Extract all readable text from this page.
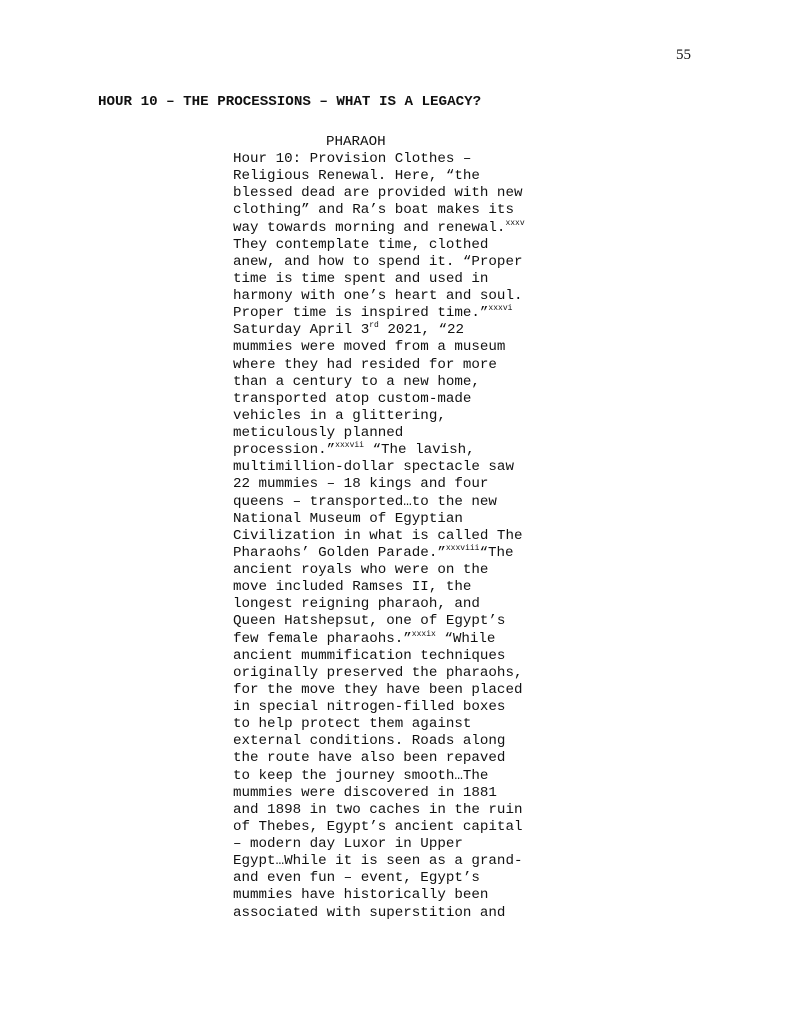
55
HOUR 10 – THE PROCESSIONS – WHAT IS A LEGACY?
PHARAOH
Hour 10: Provision Clothes –
Religious Renewal. Here, “the
blessed dead are provided with new
clothing” and Ra’s boat makes its
way towards morning and renewal.$^{xxxv}$
They contemplate time, clothed
anew, and how to spend it. “Proper
time is time spent and used in
harmony with one’s heart and soul.
Proper time is inspired time.”$^{xxxvi}$
Saturday April 3rd 2021, “22
mummies were moved from a museum
where they had resided for more
than a century to a new home,
transported atop custom-made
vehicles in a glittering,
meticulously planned
procession.”$^{xxxvii}$ “The lavish,
multimillion-dollar spectacle saw
22 mummies – 18 kings and four
queens – transported…to the new
National Museum of Egyptian
Civilization in what is called The
Pharaohs’ Golden Parade.”$^{xxxviii}$“The
ancient royals who were on the
move included Ramses II, the
longest reigning pharaoh, and
Queen Hatshepsut, one of Egypt’s
few female pharaohs.”$^{xxxix}$ “While
ancient mummification techniques
originally preserved the pharaohs,
for the move they have been placed
in special nitrogen-filled boxes
to help protect them against
external conditions. Roads along
the route have also been repaved
to keep the journey smooth…The
mummies were discovered in 1881
and 1898 in two caches in the ruin
of Thebes, Egypt’s ancient capital
– modern day Luxor in Upper
Egypt…While it is seen as a grand-
and even fun – event, Egypt’s
mummies have historically been
associated with superstition and
